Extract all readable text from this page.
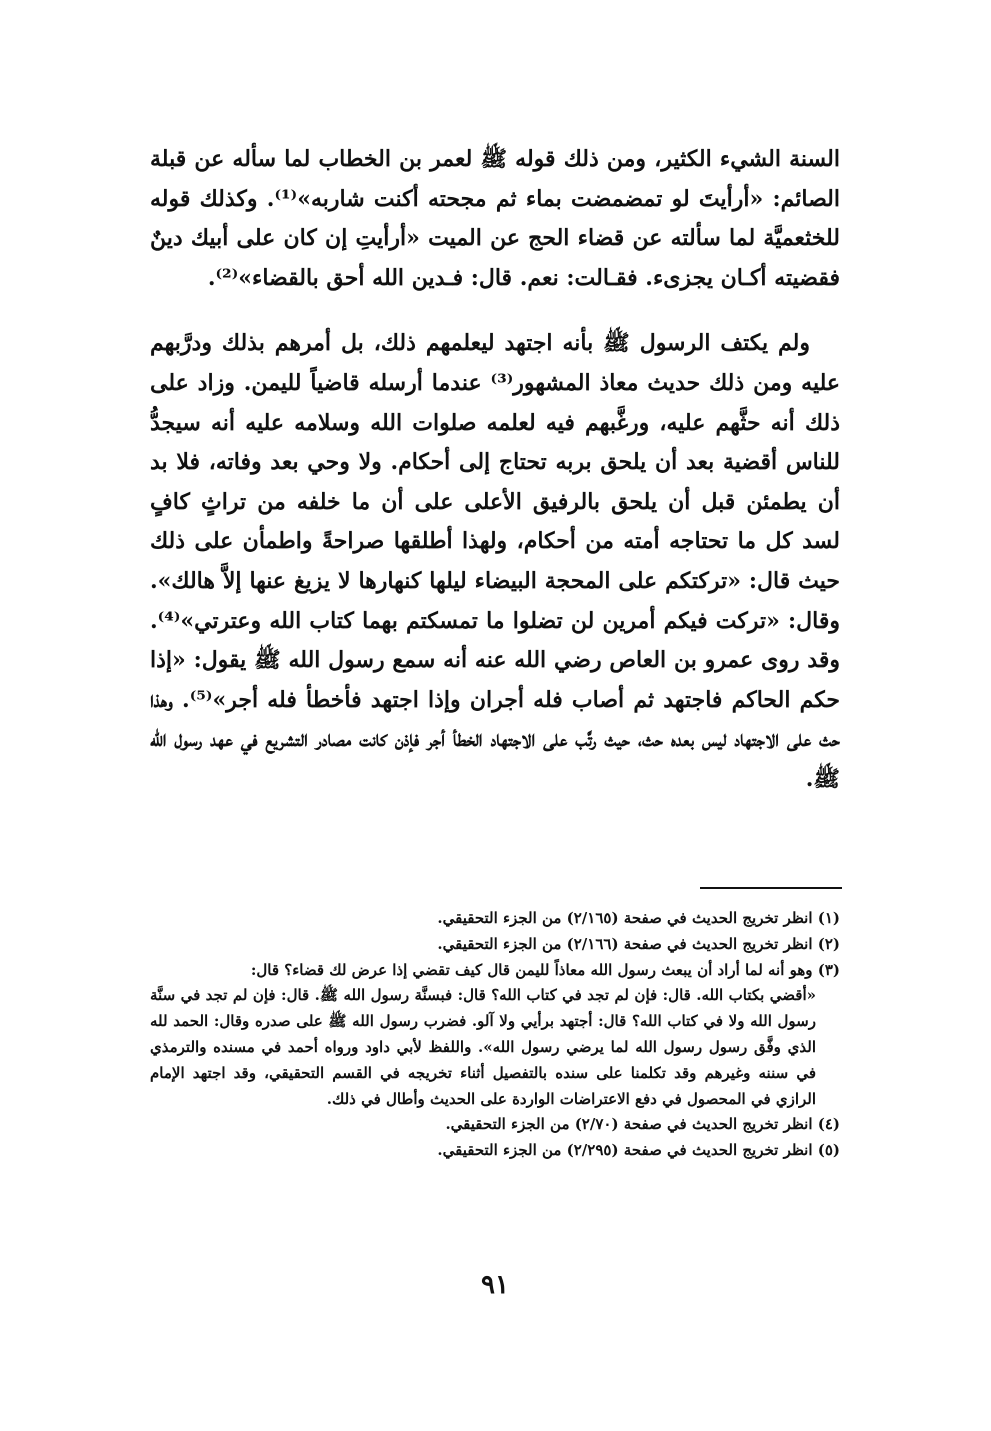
السنة الشيء الكثير، ومن ذلك قوله ﷺ لعمر بن الخطاب لما سأله عن قبلة الصائم: «أرأيتَ لو تمضمضت بماء ثم مجحته أكنت شاربه»⁽¹⁾. وكذلك قوله للخثعميَّة لما سألته عن قضاء الحج عن الميت «أرأيتِ إن كان على أبيك دينٌ فقضيته أكـان يجزىء. فقـالت: نعم. قال: فـدين الله أحق بالقضاء»⁽²⁾.

ولم يكتف الرسول ﷺ بأنه اجتهد ليعلمهم ذلك، بل أمرهم بذلك ودرَّبهم عليه ومن ذلك حديث معاذ المشهور⁽³⁾ عندما أرسله قاضياً لليمن. وزاد على ذلك أنه حثَّهم عليه، ورغَّبهم فيه لعلمه صلوات الله وسلامه عليه أنه سيجدُّ للناس أقضية بعد أن يلحق بربه تحتاج إلى أحكام. ولا وحي بعد وفاته، فلا بد أن يطمئن قبل أن يلحق بالرفيق الأعلى على أن ما خلفه من تراثٍ كافٍ لسد كل ما تحتاجه أمته من أحكام، ولهذا أطلقها صراحةً واطمأن على ذلك حيث قال: «تركتكم على المحجة البيضاء ليلها كنهارها لا يزيغ عنها إلاَّ هالك». وقال: «تركت فيكم أمرين لن تضلوا ما تمسكتم بهما كتاب الله وعترتي»⁽⁴⁾. وقد روى عمرو بن العاص رضي الله عنه أنه سمع رسول الله ﷺ يقول: «إذا حكم الحاكم فاجتهد ثم أصاب فله أجران وإذا اجتهد فأخطأ فله أجر»⁽⁵⁾. وهذا حث على الاجتهاد ليس بعده حث، حيث رتَّب على الاجتهاد الخطأ أجر فإذن كانت مصادر التشريع في عهد رسول الله ﷺ.

(١) انظر تخريج الحديث في صفحة (٢/١٦٥) من الجزء التحقيقي.

(٢) انظر تخريج الحديث في صفحة (٢/١٦٦) من الجزء التحقيقي.

(٣) وهو أنه لما أراد أن يبعث رسول الله معاذاً لليمن قال كيف تقضي إذا عرض لك قضاء؟ قال:

«أقضي بكتاب الله. قال: فإن لم تجد في كتاب الله؟ قال: فبسنَّة رسول الله ﷺ. قال: فإن لم تجد في سنَّة رسول الله ولا في كتاب الله؟ قال: أجتهد برأيي ولا آلو. فضرب رسول الله ﷺ على صدره وقال: الحمد لله الذي وفَّق رسول رسول الله لما يرضي رسول الله». واللفظ لأبي داود ورواه أحمد في مسنده والترمذي في سننه وغيرهم وقد تكلمنا على سنده بالتفصيل أثناء تخريجه في القسم التحقيقي، وقد اجتهد الإمام الرازي في المحصول في دفع الاعتراضات الواردة على الحديث وأطال في ذلك.

(٤) انظر تخريج الحديث في صفحة (٢/٧٠) من الجزء التحقيقي.

(٥) انظر تخريج الحديث في صفحة (٢/٢٩٥) من الجزء التحقيقي.

٩١
